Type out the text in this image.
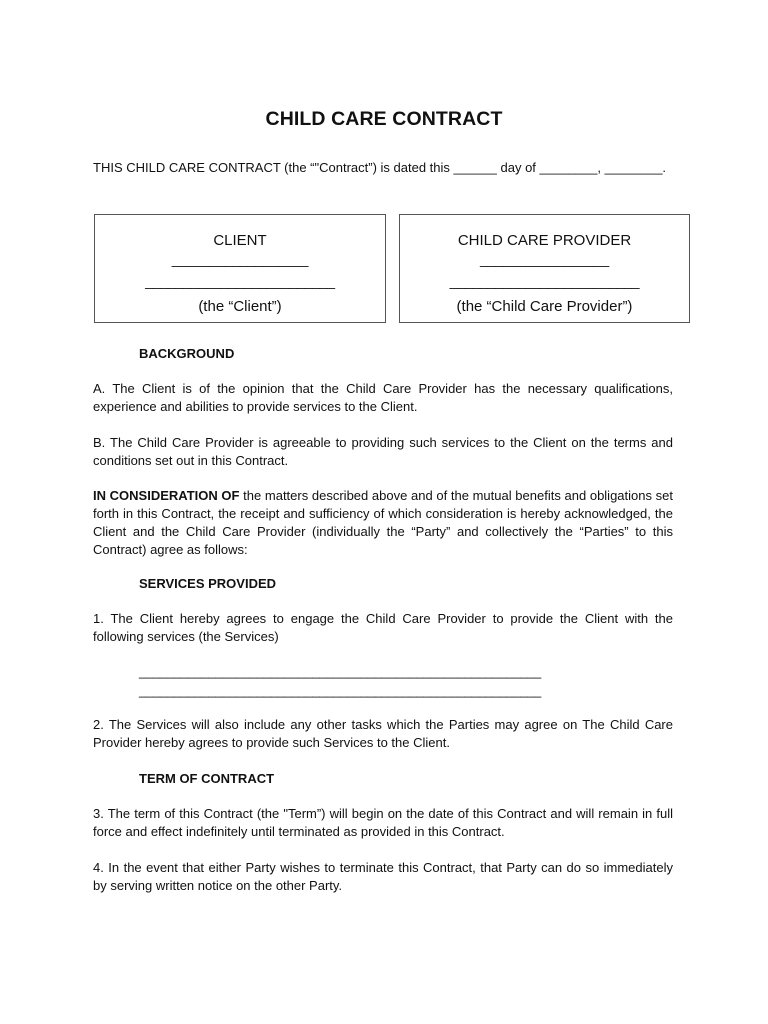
CHILD CARE CONTRACT
THIS CHILD CARE CONTRACT (the “"Contract”) is dated this ______ day of ________, ________.
CLIENT
__________________
_________________________
(the “Client”)
CHILD CARE PROVIDER
_________________
_________________________
(the “Child Care Provider”)
BACKGROUND
A. The Client is of the opinion that the Child Care Provider has the necessary qualifications, experience and abilities to provide services to the Client.
B. The Child Care Provider is agreeable to providing such services to the Client on the terms and conditions set out in this Contract.
IN CONSIDERATION OF the matters described above and of the mutual benefits and obligations set forth in this Contract, the receipt and sufficiency of which consideration is hereby acknowledged, the Client and the Child Care Provider (individually the “Party” and collectively the “Parties” to this Contract) agree as follows:
SERVICES PROVIDED
1. The Client hereby agrees to engage the Child Care Provider to provide the Client with the following services (the Services)
__________________________________________________________
__________________________________________________________
2. The Services will also include any other tasks which the Parties may agree on The Child Care Provider hereby agrees to provide such Services to the Client.
TERM OF CONTRACT
3. The term of this Contract (the "Term”) will begin on the date of this Contract and will remain in full force and effect indefinitely until terminated as provided in this Contract.
4. In the event that either Party wishes to terminate this Contract, that Party can do so immediately by serving written notice on the other Party.
